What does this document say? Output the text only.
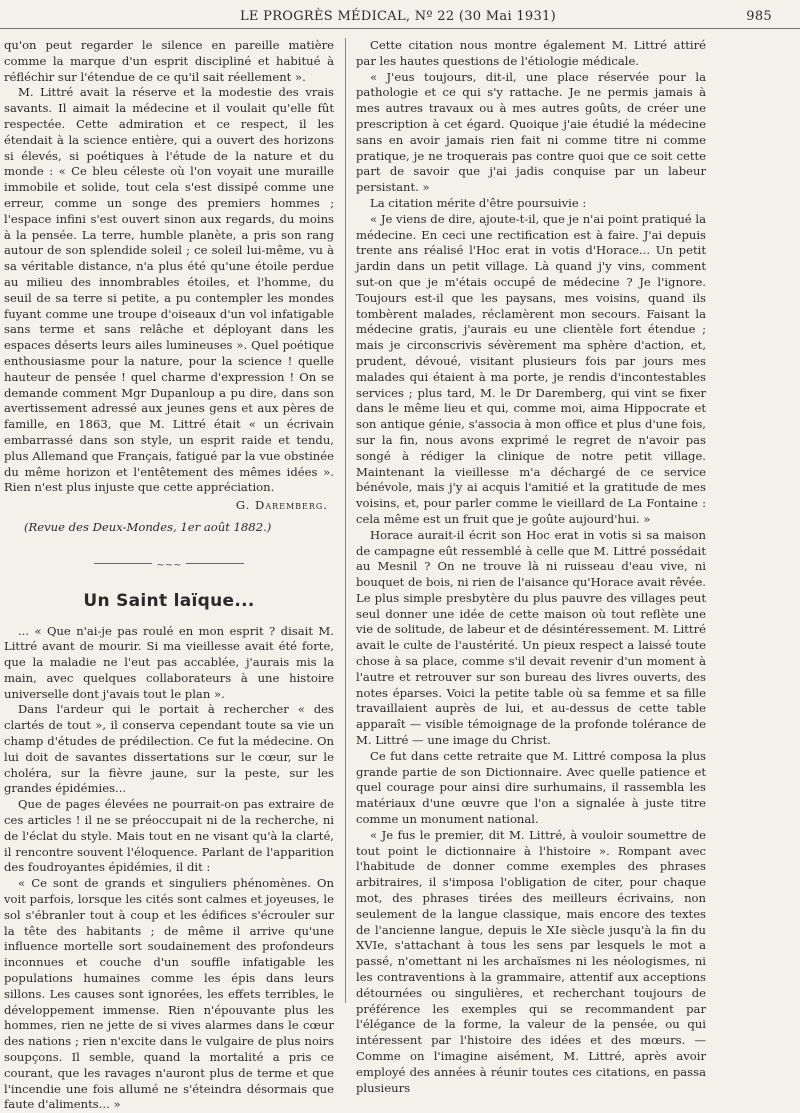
LE PROGRÈS MÉDICAL, Nº 22 (30 Mai 1931)	985

qu'on peut regarder le silence en pareille matière comme la marque d'un esprit discipliné et habitué à réfléchir sur l'étendue de ce qu'il sait réellement ».

M. Littré avait la réserve et la modestie des vrais savants. Il aimait la médecine et il voulait qu'elle fût respectée. Cette admiration et ce respect, il les étendait à la science entière, qui a ouvert des horizons si élevés, si poétiques à l'étude de la nature et du monde : « Ce bleu céleste où l'on voyait une muraille immobile et solide, tout cela s'est dissipé comme une erreur, comme un songe des premiers hommes ; l'espace infini s'est ouvert sinon aux regards, du moins à la pensée. La terre, humble planète, a pris son rang autour de son splendide soleil ; ce soleil lui-même, vu à sa véritable distance, n'a plus été qu'une étoile perdue au milieu des innombrables étoiles, et l'homme, du seuil de sa terre si petite, a pu contempler les mondes fuyant comme une troupe d'oiseaux d'un vol infatigable sans terme et sans relâche et déployant dans les espaces déserts leurs ailes lumineuses ». Quel poétique enthousiasme pour la nature, pour la science ! quelle hauteur de pensée ! quel charme d'expression ! On se demande comment Mgr Dupanloup a pu dire, dans son avertissement adressé aux jeunes gens et aux pères de famille, en 1863, que M. Littré était « un écrivain embarrassé dans son style, un esprit raide et tendu, plus Allemand que Français, fatigué par la vue obstinée du même horizon et l'entêtement des mêmes idées ». Rien n'est plus injuste que cette appréciation.

G. Daremberg.

(Revue des Deux-Mondes, 1er août 1882.)

~~~
Un Saint laïque...

... « Que n'ai-je pas roulé en mon esprit ? disait M. Littré avant de mourir. Si ma vieillesse avait été forte, que la maladie ne l'eut pas accablée, j'aurais mis la main, avec quelques collaborateurs à une histoire universelle dont j'avais tout le plan ».

Dans l'ardeur qui le portait à rechercher « des clartés de tout », il conserva cependant toute sa vie un champ d'études de prédilection. Ce fut la médecine. On lui doit de savantes dissertations sur le cœur, sur le choléra, sur la fièvre jaune, sur la peste, sur les grandes épidémies...

Que de pages élevées ne pourrait-on pas extraire de ces articles ! il ne se préoccupait ni de la recherche, ni de l'éclat du style. Mais tout en ne visant qu'à la clarté, il rencontre souvent l'éloquence. Parlant de l'apparition des foudroyantes épidémies, il dit :

« Ce sont de grands et singuliers phénomènes. On voit parfois, lorsque les cités sont calmes et joyeuses, le sol s'ébranler tout à coup et les édifices s'écrouler sur la tête des habitants ; de même il arrive qu'une influence mortelle sort soudainement des profondeurs inconnues et couche d'un souffle infatigable les populations humaines comme les épis dans leurs sillons. Les causes sont ignorées, les effets terribles, le développement immense. Rien n'épouvante plus les hommes, rien ne jette de si vives alarmes dans le cœur des nations ; rien n'excite dans le vulgaire de plus noirs soupçons. Il semble, quand la mortalité a pris ce courant, que les ravages n'auront plus de terme et que l'incendie une fois allumé ne s'éteindra désormais que faute d'aliments... »

Cette citation nous montre également M. Littré attiré par les hautes questions de l'étiologie médicale.

« J'eus toujours, dit-il, une place réservée pour la pathologie et ce qui s'y rattache. Je ne permis jamais à mes autres travaux ou à mes autres goûts, de créer une prescription à cet égard. Quoique j'aie étudié la médecine sans en avoir jamais rien fait ni comme titre ni comme pratique, je ne troquerais pas contre quoi que ce soit cette part de savoir que j'ai jadis conquise par un labeur persistant. »

La citation mérite d'être poursuivie :

« Je viens de dire, ajoute-t-il, que je n'ai point pratiqué la médecine. En ceci une rectification est à faire. J'ai depuis trente ans réalisé l'Hoc erat in votis d'Horace... Un petit jardin dans un petit village. Là quand j'y vins, comment sut-on que je m'étais occupé de médecine ? Je l'ignore. Toujours est-il que les paysans, mes voisins, quand ils tombèrent malades, réclamèrent mon secours. Faisant la médecine gratis, j'aurais eu une clientèle fort étendue ; mais je circonscrivis sévèrement ma sphère d'action, et, prudent, dévoué, visitant plusieurs fois par jours mes malades qui étaient à ma porte, je rendis d'incontestables services ; plus tard, M. le Dr Daremberg, qui vint se fixer dans le même lieu et qui, comme moi, aima Hippocrate et son antique génie, s'associa à mon office et plus d'une fois, sur la fin, nous avons exprimé le regret de n'avoir pas songé à rédiger la clinique de notre petit village. Maintenant la vieillesse m'a déchargé de ce service bénévole, mais j'y ai acquis l'amitié et la gratitude de mes voisins, et, pour parler comme le vieillard de La Fontaine : cela même est un fruit que je goûte aujourd'hui. »

Horace aurait-il écrit son Hoc erat in votis si sa maison de campagne eût ressemblé à celle que M. Littré possédait au Mesnil ? On ne trouve là ni ruisseau d'eau vive, ni bouquet de bois, ni rien de l'aisance qu'Horace avait rêvée. Le plus simple presbytère du plus pauvre des villages peut seul donner une idée de cette maison où tout reflète une vie de solitude, de labeur et de désintéressement. M. Littré avait le culte de l'austérité. Un pieux respect a laissé toute chose à sa place, comme s'il devait revenir d'un moment à l'autre et retrouver sur son bureau des livres ouverts, des notes éparses. Voici la petite table où sa femme et sa fille travaillaient auprès de lui, et au-dessus de cette table apparaît — visible témoignage de la profonde tolérance de M. Littré — une image du Christ.

Ce fut dans cette retraite que M. Littré composa la plus grande partie de son Dictionnaire. Avec quelle patience et quel courage pour ainsi dire surhumains, il rassembla les matériaux d'une œuvre que l'on a signalée à juste titre comme un monument national.

« Je fus le premier, dit M. Littré, à vouloir soumettre de tout point le dictionnaire à l'histoire ». Rompant avec l'habitude de donner comme exemples des phrases arbitraires, il s'imposa l'obligation de citer, pour chaque mot, des phrases tirées des meilleurs écrivains, non seulement de la langue classique, mais encore des textes de l'ancienne langue, depuis le XIe siècle jusqu'à la fin du XVIe, s'attachant à tous les sens par lesquels le mot a passé, n'omettant ni les archaïsmes ni les néologismes, ni les contraventions à la grammaire, attentif aux acceptions détournées ou singulières, et recherchant toujours de préférence les exemples qui se recommandent par l'élégance de la forme, la valeur de la pensée, ou qui intéressent par l'histoire des idées et des mœurs. — Comme on l'imagine aisément, M. Littré, après avoir employé des années à réunir toutes ces citations, en passa plusieurs
